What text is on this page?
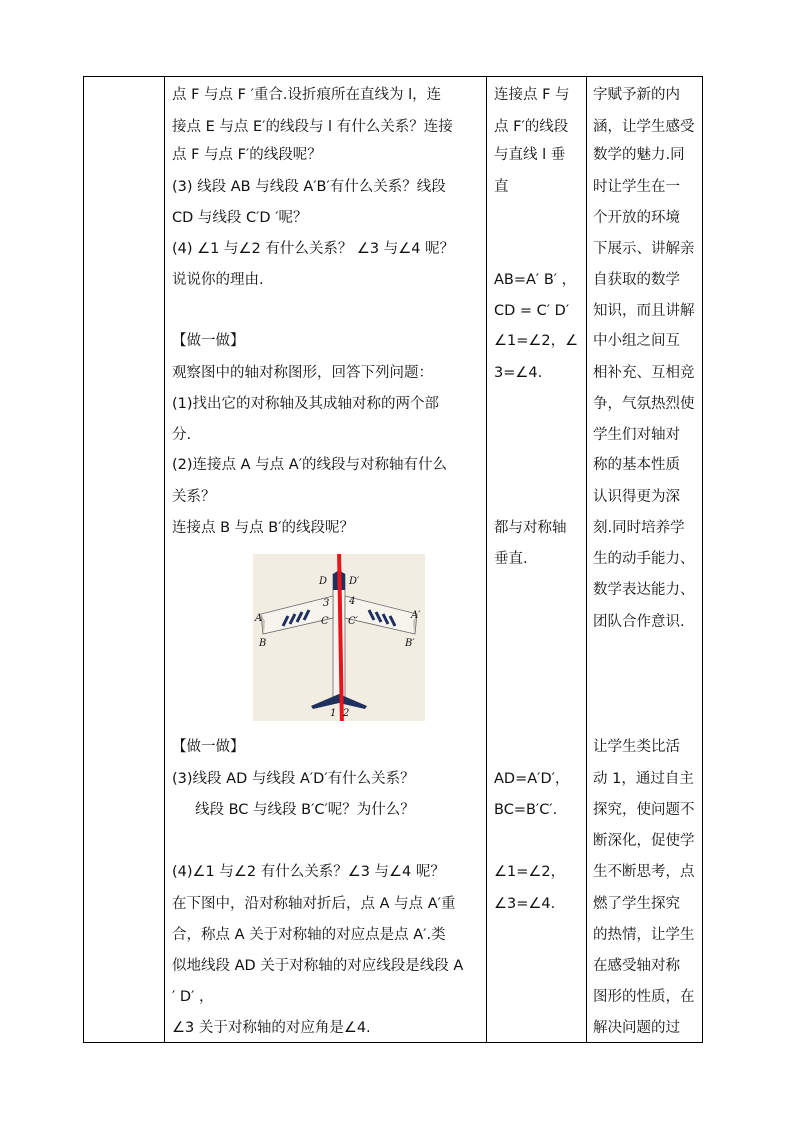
点 F 与点 F ′重合.设折痕所在直线为 l，连
接点 E 与点 E′的线段与 l 有什么关系？连接
点 F 与点 F′的线段呢？
(3) 线段 AB 与线段 A′B′有什么关系？线段
CD 与线段 C′D ′呢？
(4) ∠1 与∠2 有什么关系？ ∠3 与∠4 呢？
说说你的理由.
【做一做】
观察图中的轴对称图形，回答下列问题：
(1)找出它的对称轴及其成轴对称的两个部
分.
(2)连接点 A 与点 A′的线段与对称轴有什么
关系？
连接点 B 与点 B′的线段呢？
D D′
3 4
A	A′
C C′
B	B′
1 2
【做一做】
(3)线段 AD 与线段 A′D′有什么关系？
线段 BC 与线段 B′C′呢？为什么？
(4)∠1 与∠2 有什么关系？∠3 与∠4 呢？
在下图中，沿对称轴对折后，点 A 与点 A′重
合，称点 A 关于对称轴的对应点是点 A′.类
似地线段 AD 关于对称轴的对应线段是线段 A
′ D′ ，
∠3 关于对称轴的对应角是∠4.
连接点 F 与
点 F′的线段
与直线 l 垂
直
AB=A′ B′ ，
CD = C′ D′
∠1=∠2，∠
3=∠4.
都与对称轴
垂直.
AD=A′D′，
BC=B′C′.
∠1=∠2，
∠3=∠4.
字赋予新的内
涵，让学生感受
数学的魅力.同
时让学生在一
个开放的环境
下展示、讲解亲
自获取的数学
知识，而且讲解
中小组之间互
相补充、互相竞
争，气氛热烈使
学生们对轴对
称的基本性质
认识得更为深
刻.同时培养学
生的动手能力、
数学表达能力、
团队合作意识.
让学生类比活
动 1，通过自主
探究，使问题不
断深化，促使学
生不断思考，点
燃了学生探究
的热情，让学生
在感受轴对称
图形的性质，在
解决问题的过
